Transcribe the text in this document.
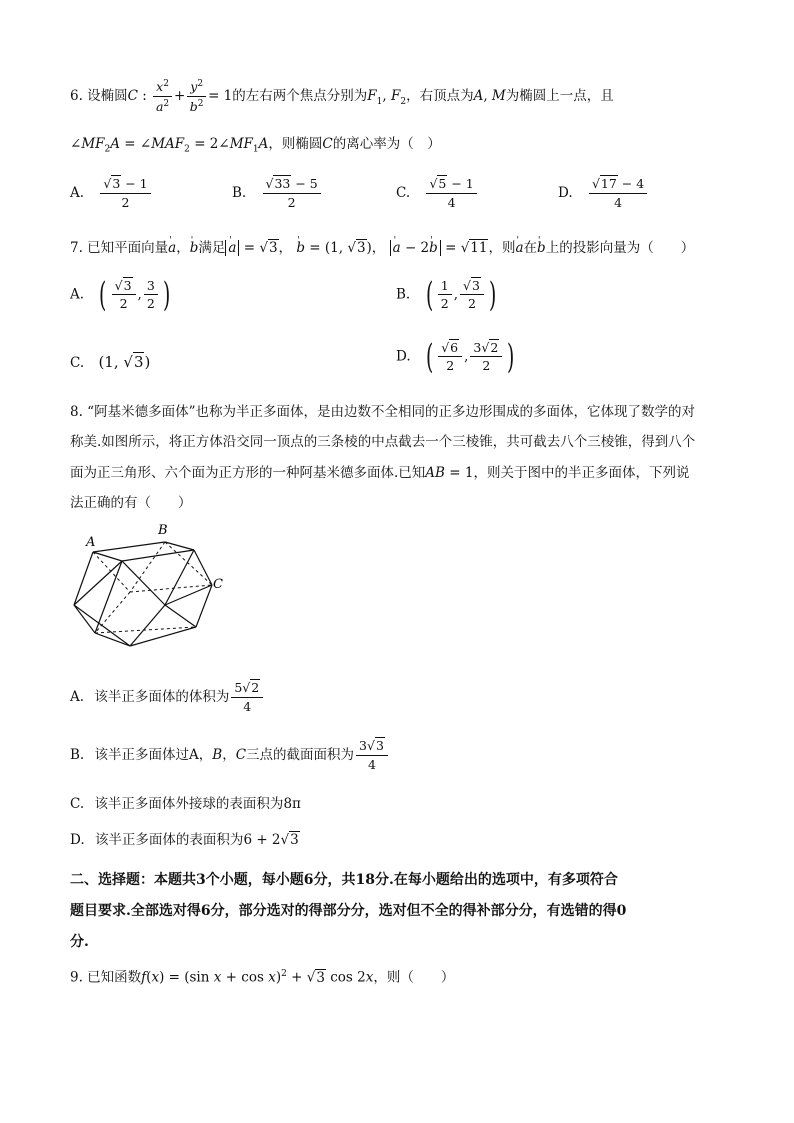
6. 设椭圆C : $\frac{x^2}{a^2} + \frac{y^2}{b^2} = 1$的左右两个焦点分别为$F_1$, $F_2$，右顶点为A, M为椭圆上一点，且
$\angle MF_2A$ = $\angle MAF_2$ = $2\angle MF_1A$，则椭圆C的离心率为（　）
A. $\frac{√3 - 1}{2}$	B. $\frac{√33 - 5}{2}$	C. $\frac{√5 - 1}{4}$	D. $\frac{√17 - 4}{4}$
7. 已知平面向量' a，' b满足' a = √3， ' b = (1, √3)， ' a − 2' b = √11，则' a在' b上的投影向量为（　　）
A. ( $\frac{√3}{2}$ , $\frac{3}{2}$ )	B. ( $\frac{1}{2}$ , $\frac{√3}{2}$ )
C. (1, √3)	D. ( $\frac{√6}{2}$ , $\frac{3√2}{2}$ )
8. “阿基米德多面体”也称为半正多面体，是由边数不全相同的正多边形围成的多面体，它体现了数学的对
称美.如图所示，将正方体沿交同一顶点的三条棱的中点截去一个三棱锥，共可截去八个三棱锥，得到八个
面为正三角形、六个面为正方形的一种阿基米德多面体.已知AB = 1，则关于图中的半正多面体，下列说
法正确的有（　　）
A
B
C
A. 该半正多面体的体积为 $\frac{5√2}{4}$
B. 该半正多面体过A，B，C三点的截面面积为 $\frac{3√3}{4}$
C. 该半正多面体外接球的表面积为8π
D. 该半正多面体的表面积为6 + 2√3
二、选择题：本题共3个小题，每小题6分，共18分.在每小题给出的选项中，有多项符合
题目要求.全部选对得6分，部分选对的得部分分，选对但不全的得补部分分，有选错的得0
分.
9. 已知函数f(x) = (sin x + cos x)$^2$ + √3 cos 2x，则（　　）
